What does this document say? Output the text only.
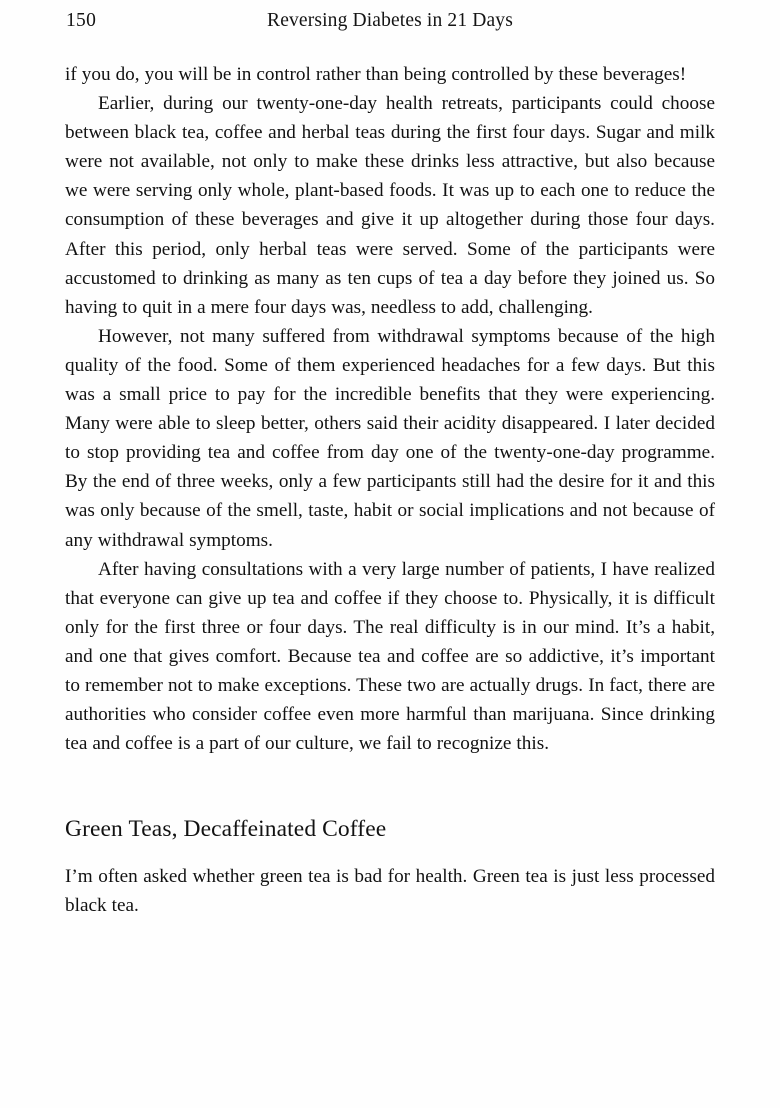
150	Reversing Diabetes in 21 Days

if you do, you will be in control rather than being controlled by these beverages!

Earlier, during our twenty-one-day health retreats, participants could choose between black tea, coffee and herbal teas during the first four days. Sugar and milk were not available, not only to make these drinks less attractive, but also because we were serving only whole, plant-based foods. It was up to each one to reduce the consumption of these beverages and give it up altogether during those four days. After this period, only herbal teas were served. Some of the participants were accustomed to drinking as many as ten cups of tea a day before they joined us. So having to quit in a mere four days was, needless to add, challenging.

However, not many suffered from withdrawal symptoms because of the high quality of the food. Some of them experienced headaches for a few days. But this was a small price to pay for the incredible benefits that they were experiencing. Many were able to sleep better, others said their acidity disappeared. I later decided to stop providing tea and coffee from day one of the twenty-one-day programme. By the end of three weeks, only a few participants still had the desire for it and this was only because of the smell, taste, habit or social implications and not because of any withdrawal symptoms.

After having consultations with a very large number of patients, I have realized that everyone can give up tea and coffee if they choose to. Physically, it is difficult only for the first three or four days. The real difficulty is in our mind. It’s a habit, and one that gives comfort. Because tea and coffee are so addictive, it’s important to remember not to make exceptions. These two are actually drugs. In fact, there are authorities who consider coffee even more harmful than marijuana. Since drinking tea and coffee is a part of our culture, we fail to recognize this.

Green Teas, Decaffeinated Coffee

I’m often asked whether green tea is bad for health. Green tea is just less processed black tea.
